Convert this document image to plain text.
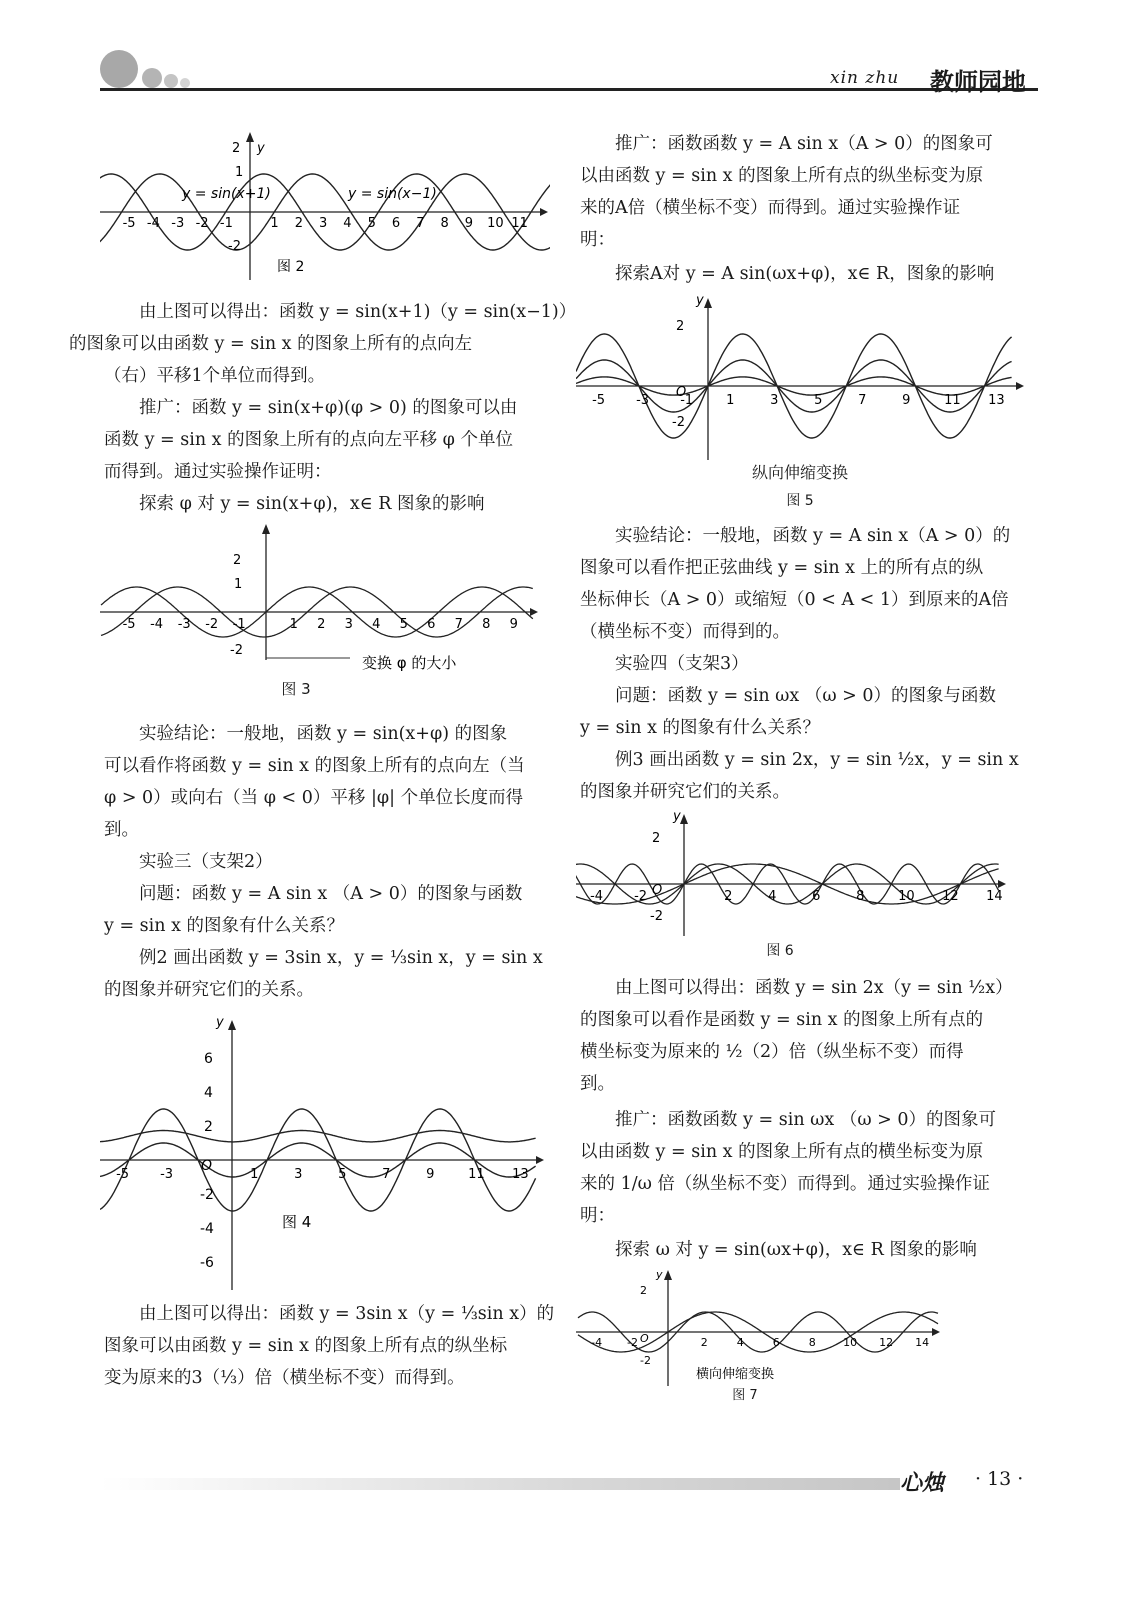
xin zhu 教师园地
y
-5 -4 -3 -2 -1	1 2 3 4 5 6 7 8 9 10 11
2
1
-2
y = sin(x+1)	y = sin(x−1)
图 2
由上图可以得出：函数 y = sin(x+1)（y = sin(x−1)）
的图象可以由函数 y = sin x 的图象上所有的点向左
（右）平移1个单位而得到。
推广：函数 y = sin(x+φ)(φ > 0) 的图象可以由
函数 y = sin x 的图象上所有的点向左平移 φ 个单位
而得到。通过实验操作证明：
探索 φ 对 y = sin(x+φ)，x∈ R 图象的影响
-5 -4 -3 -2 -1	1 2 3 4 5 6 7 8 9
2
1
-2
变换 φ 的大小
图 3
实验结论：一般地，函数 y = sin(x+φ) 的图象
可以看作将函数 y = sin x 的图象上所有的点向左（当
φ > 0）或向右（当 φ < 0）平移 |φ| 个单位长度而得
到。
实验三（支架2）
问题：函数 y = A sin x （A > 0）的图象与函数
y = sin x 的图象有什么关系？
例2 画出函数 y = 3sin x，y = ⅓sin x，y = sin x
的图象并研究它们的关系。
y
-5 -3	1	3	5	7	9	11 13
6
4
2
-2
-4
-6
O
图 4
由上图可以得出：函数 y = 3sin x（y = ⅓sin x）的
图象可以由函数 y = sin x 的图象上所有点的纵坐标
变为原来的3（⅓）倍（横坐标不变）而得到。
推广：函数函数 y = A sin x（A > 0）的图象可
以由函数 y = sin x 的图象上所有点的纵坐标变为原
来的A倍（横坐标不变）而得到。通过实验操作证
明：
探索A对 y = A sin(ωx+φ)，x∈ R，图象的影响
y
-5 -3 -1	1	3	5	7	9	11 13
2
-2
O
纵向伸缩变换
图 5
实验结论：一般地，函数 y = A sin x（A > 0）的
图象可以看作把正弦曲线 y = sin x 上的所有点的纵
坐标伸长（A > 0）或缩短（0 < A < 1）到原来的A倍
（横坐标不变）而得到的。
实验四（支架3）
问题：函数 y = sin ωx （ω > 0）的图象与函数
y = sin x 的图象有什么关系？
例3 画出函数 y = sin 2x，y = sin ½x，y = sin x
的图象并研究它们的关系。
y
-4 -2	2	4	6	8	10 12 14
2
-2
O
图 6
由上图可以得出：函数 y = sin 2x（y = sin ½x）
的图象可以看作是函数 y = sin x 的图象上所有点的
横坐标变为原来的 ½（2）倍（纵坐标不变）而得
到。
推广：函数函数 y = sin ωx （ω > 0）的图象可
以由函数 y = sin x 的图象上所有点的横坐标变为原
来的 1/ω 倍（纵坐标不变）而得到。通过实验操作证
明：
探索 ω 对 y = sin(ωx+φ)，x∈ R 图象的影响
y
-4 -2	2	4	6	8 10 12 14
2
-2
O
横向伸缩变换
图 7
心烛 · 13 ·
